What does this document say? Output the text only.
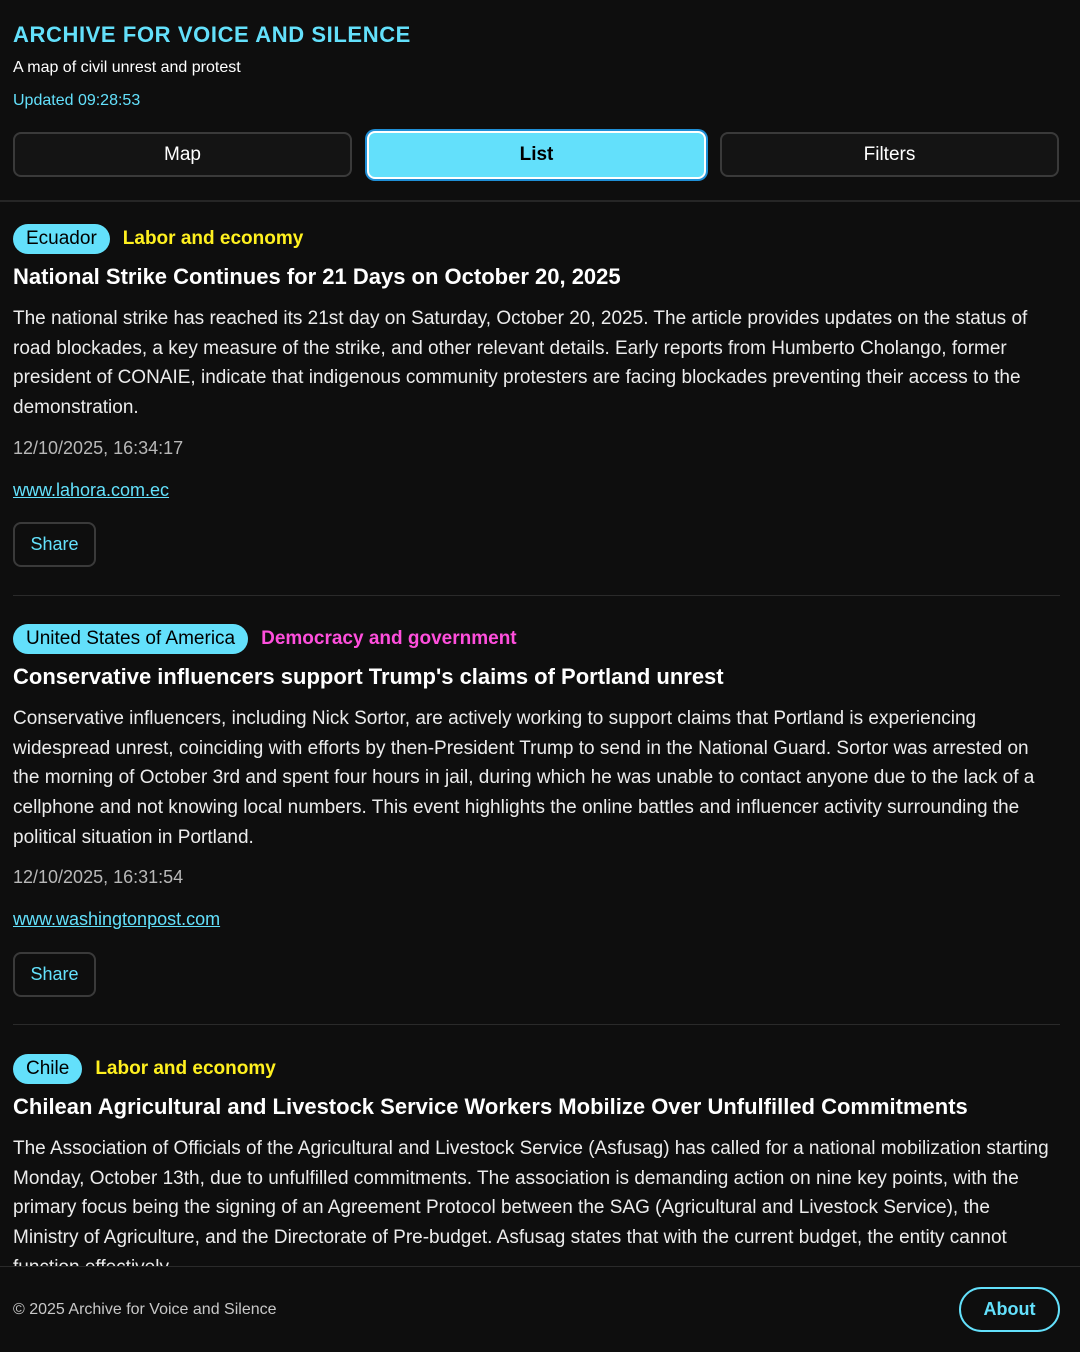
ARCHIVE FOR VOICE AND SILENCE
A map of civil unrest and protest
Updated 09:28:53
Map	List	Filters
Ecuador	Labor and economy
National Strike Continues for 21 Days on October 20, 2025

The national strike has reached its 21st day on Saturday, October 20, 2025. The article provides updates on the status of road blockades, a key measure of the strike, and other relevant details. Early reports from Humberto Cholango, former president of CONAIE, indicate that indigenous community protesters are facing blockades preventing their access to the demonstration.

12/10/2025, 16:34:17
www.lahora.com.ec
Share
United States of America	Democracy and government
Conservative influencers support Trump's claims of Portland unrest

Conservative influencers, including Nick Sortor, are actively working to support claims that Portland is experiencing widespread unrest, coinciding with efforts by then-President Trump to send in the National Guard. Sortor was arrested on the morning of October 3rd and spent four hours in jail, during which he was unable to contact anyone due to the lack of a cellphone and not knowing local numbers. This event highlights the online battles and influencer activity surrounding the political situation in Portland.

12/10/2025, 16:31:54
www.washingtonpost.com
Share
Chile	Labor and economy
Chilean Agricultural and Livestock Service Workers Mobilize Over Unfulfilled Commitments

The Association of Officials of the Agricultural and Livestock Service (Asfusag) has called for a national mobilization starting Monday, October 13th, due to unfulfilled commitments. The association is demanding action on nine key points, with the primary focus being the signing of an Agreement Protocol between the SAG (Agricultural and Livestock Service), the Ministry of Agriculture, and the Directorate of Pre-budget. Asfusag states that with the current budget, the entity cannot

© 2025 Archive for Voice and Silence	About
